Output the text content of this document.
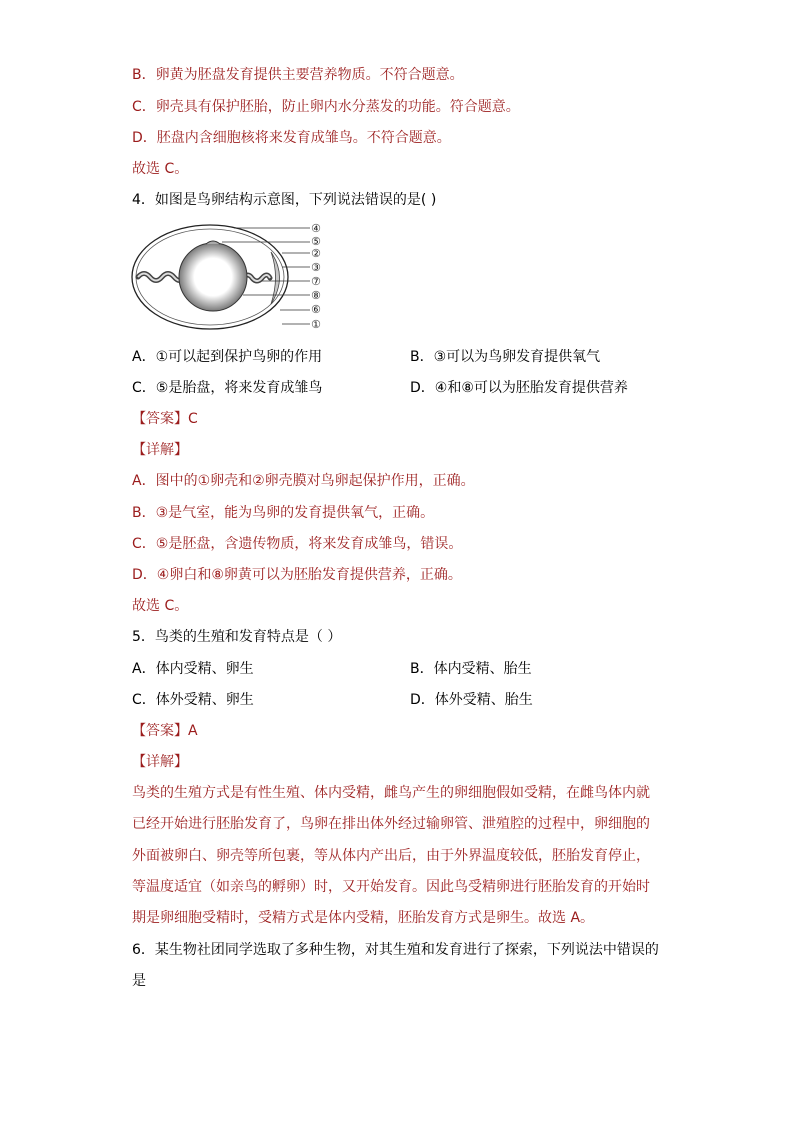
B．卵黄为胚盘发育提供主要营养物质。不符合题意。
C．卵壳具有保护胚胎，防止卵内水分蒸发的功能。符合题意。
D．胚盘内含细胞核将来发育成雏鸟。不符合题意。
故选 C。
4．如图是鸟卵结构示意图，下列说法错误的是( )
④
⑤
②
③
⑦
⑧
⑥
①
A．①可以起到保护鸟卵的作用	B．③可以为鸟卵发育提供氧气
C．⑤是胎盘，将来发育成雏鸟	D．④和⑧可以为胚胎发育提供营养
【答案】C
【详解】
A．图中的①卵壳和②卵壳膜对鸟卵起保护作用，正确。
B．③是气室，能为鸟卵的发育提供氧气，正确。
C．⑤是胚盘，含遗传物质，将来发育成雏鸟，错误。
D．④卵白和⑧卵黄可以为胚胎发育提供营养，正确。
故选 C。
5．鸟类的生殖和发育特点是（ ）
A．体内受精、卵生	B．体内受精、胎生
C．体外受精、卵生	D．体外受精、胎生
【答案】A
【详解】
鸟类的生殖方式是有性生殖、体内受精，雌鸟产生的卵细胞假如受精，在雌鸟体内就
已经开始进行胚胎发育了，鸟卵在排出体外经过输卵管、泄殖腔的过程中，卵细胞的
外面被卵白、卵壳等所包裹，等从体内产出后，由于外界温度较低，胚胎发育停止，
等温度适宜（如亲鸟的孵卵）时，又开始发育。因此鸟受精卵进行胚胎发育的开始时
期是卵细胞受精时，受精方式是体内受精，胚胎发育方式是卵生。故选 A。
6．某生物社团同学选取了多种生物，对其生殖和发育进行了探索，下列说法中错误的
是
